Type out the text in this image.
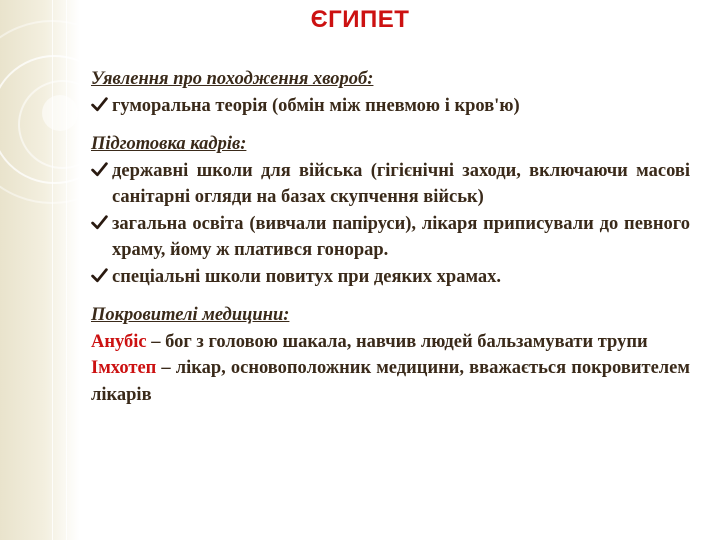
ЄГИПЕТ
Уявлення про походження хвороб:
гуморальна теорія (обмін між пневмою і кров'ю)
Підготовка кадрів:
державні школи для війська (гігієнічні заходи, включаючи масові санітарні огляди на базах скупчення військ)
загальна освіта (вивчали папіруси), лікаря приписували до певного храму, йому ж платився гонорар.
спеціальні школи повитух при деяких храмах.
Покровителі медицини:
Анубіс – бог з головою шакала, навчив людей бальзамувати трупи
Імхотеп – лікар, основоположник медицини, вважається покровителем лікарів
